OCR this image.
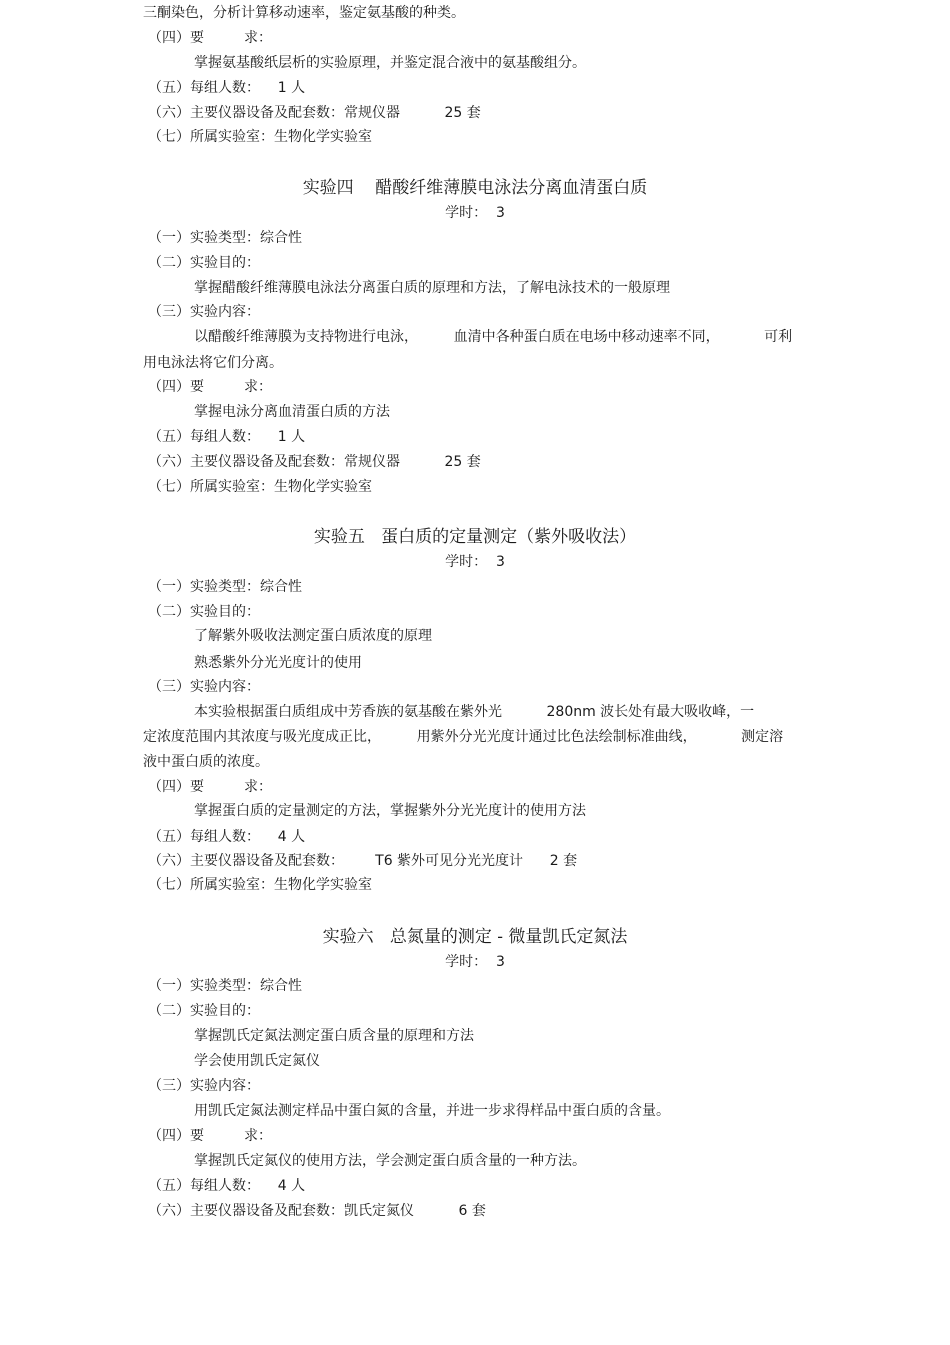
三酮染色，分析计算移动速率，鉴定氨基酸的种类。
（四）要         求：
掌握氨基酸纸层析的实验原理，并鉴定混合液中的氨基酸组分。
（五）每组人数：    1 人
（六）主要仪器设备及配套数：常规仪器          25 套
（七）所属实验室：生物化学实验室
实验四    醋酸纤维薄膜电泳法分离血清蛋白质
学时：  3
（一）实验类型：综合性
（二）实验目的：
掌握醋酸纤维薄膜电泳法分离蛋白质的原理和方法，了解电泳技术的一般原理
（三）实验内容：
以醋酸纤维薄膜为支持物进行电泳，        血清中各种蛋白质在电场中移动速率不同，          可利
用电泳法将它们分离。
（四）要         求：
掌握电泳分离血清蛋白质的方法
（五）每组人数：    1 人
（六）主要仪器设备及配套数：常规仪器          25 套
（七）所属实验室：生物化学实验室
实验五   蛋白质的定量测定（紫外吸收法）
学时：  3
（一）实验类型：综合性
（二）实验目的：
了解紫外吸收法测定蛋白质浓度的原理
熟悉紫外分光光度计的使用
（三）实验内容：
本实验根据蛋白质组成中芳香族的氨基酸在紫外光          280nm 波长处有最大吸收峰，一
定浓度范围内其浓度与吸光度成正比，        用紫外分光光度计通过比色法绘制标准曲线，          测定溶
液中蛋白质的浓度。
（四）要         求：
掌握蛋白质的定量测定的方法，掌握紫外分光光度计的使用方法
（五）每组人数：    4 人
（六）主要仪器设备及配套数：       T6 紫外可见分光光度计      2 套
（七）所属实验室：生物化学实验室
实验六   总氮量的测定 - 微量凯氏定氮法
学时：  3
（一）实验类型：综合性
（二）实验目的：
掌握凯氏定氮法测定蛋白质含量的原理和方法
学会使用凯氏定氮仪
（三）实验内容：
用凯氏定氮法测定样品中蛋白氮的含量，并进一步求得样品中蛋白质的含量。
（四）要         求：
掌握凯氏定氮仪的使用方法，学会测定蛋白质含量的一种方法。
（五）每组人数：    4 人
（六）主要仪器设备及配套数：凯氏定氮仪          6 套
